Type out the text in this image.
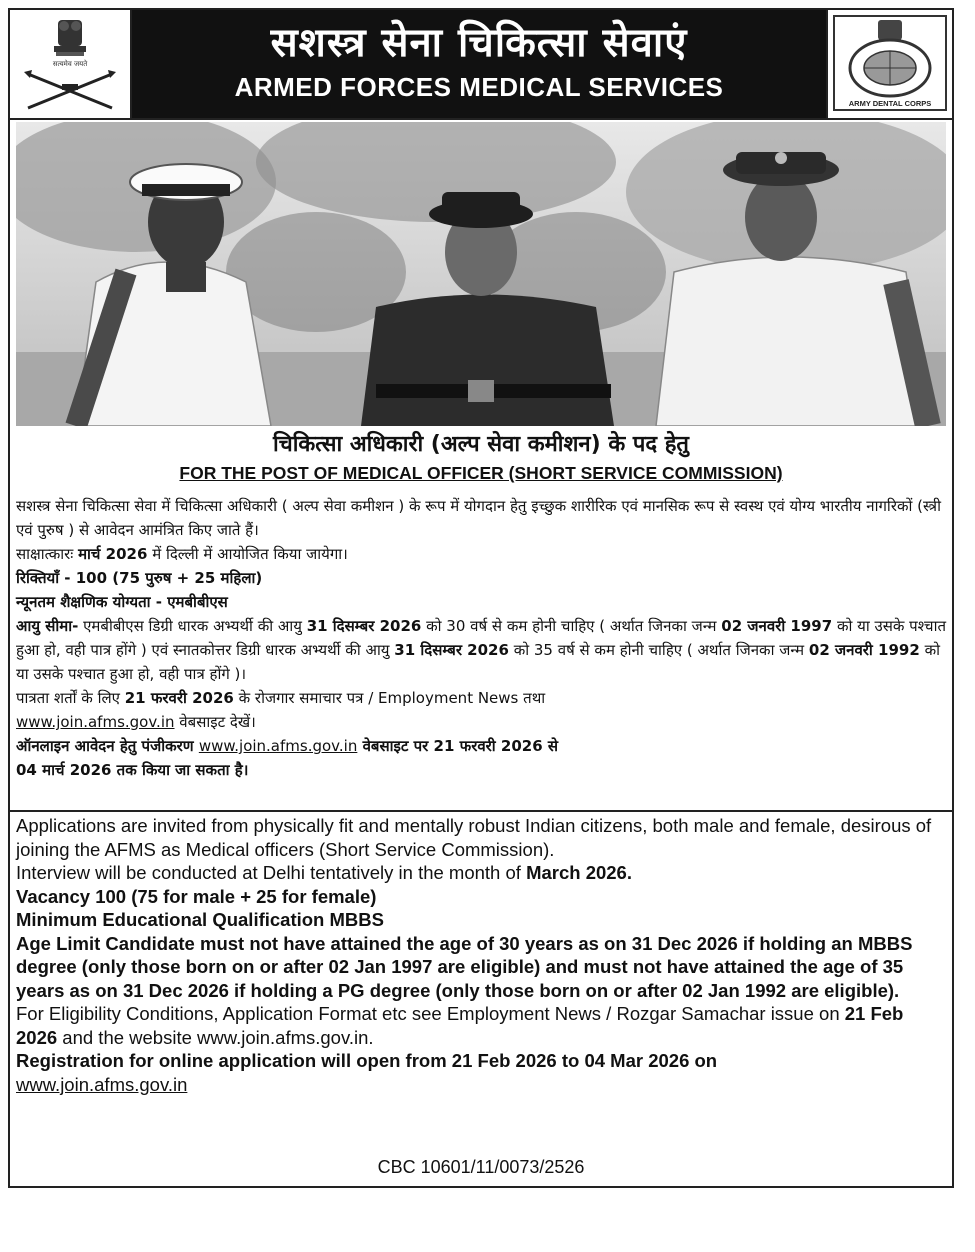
सत्यमेव जयते	सशस्त्र सेना चिकित्सा सेवाएं
ARMED FORCES MEDICAL SERVICES
ARMY DENTAL CORPS
चिकित्सा अधिकारी (अल्प सेवा कमीशन) के पद हेतु
FOR THE POST OF MEDICAL OFFICER (SHORT SERVICE COMMISSION)

सशस्त्र सेना चिकित्सा सेवा में चिकित्सा अधिकारी ( अल्प सेवा कमीशन ) के रूप में योगदान हेतु इच्छुक शारीरिक एवं मानसिक रूप से स्वस्थ एवं योग्य भारतीय नागरिकों (स्त्री एवं पुरुष ) से आवेदन आमंत्रित किए जाते हैं।

साक्षात्कारः मार्च 2026 में दिल्ली में आयोजित किया जायेगा।

रिक्तियाँ - 100 (75 पुरुष + 25 महिला)

न्यूनतम शैक्षणिक योग्यता - एमबीबीएस

आयु सीमा- एमबीबीएस डिग्री धारक अभ्यर्थी की आयु 31 दिसम्बर 2026 को 30 वर्ष से कम होनी चाहिए ( अर्थात जिनका जन्म 02 जनवरी 1997 को या उसके पश्चात हुआ हो, वही पात्र होंगे ) एवं स्नातकोत्तर डिग्री धारक अभ्यर्थी की आयु 31 दिसम्बर 2026 को 35 वर्ष से कम होनी चाहिए ( अर्थात जिनका जन्म 02 जनवरी 1992 को या उसके पश्चात हुआ हो, वही पात्र होंगे )।

पात्रता शर्तों के लिए 21 फरवरी 2026 के रोजगार समाचार पत्र / Employment News तथा

www.join.afms.gov.in वेबसाइट देखें।

ऑनलाइन आवेदन हेतु पंजीकरण www.join.afms.gov.in वेबसाइट पर 21 फरवरी 2026 से

04 मार्च 2026 तक किया जा सकता है।

Applications are invited from physically fit and mentally robust Indian citizens, both male and female, desirous of joining the AFMS as Medical officers (Short Service Commission).

Interview will be conducted at Delhi tentatively in the month of March 2026.

Vacancy 100 (75 for male + 25 for female)

Minimum Educational Qualification MBBS

Age Limit Candidate must not have attained the age of 30 years as on 31 Dec 2026 if holding an MBBS degree (only those born on or after 02 Jan 1997 are eligible) and must not have attained the age of 35 years as on 31 Dec 2026 if holding a PG degree (only those born on or after 02 Jan 1992 are eligible).

For Eligibility Conditions, Application Format etc see Employment News / Rozgar Samachar issue on 21 Feb 2026 and the website www.join.afms.gov.in.

Registration for online application will open from 21 Feb 2026 to 04 Mar 2026 on

www.join.afms.gov.in

CBC 10601/11/0073/2526
